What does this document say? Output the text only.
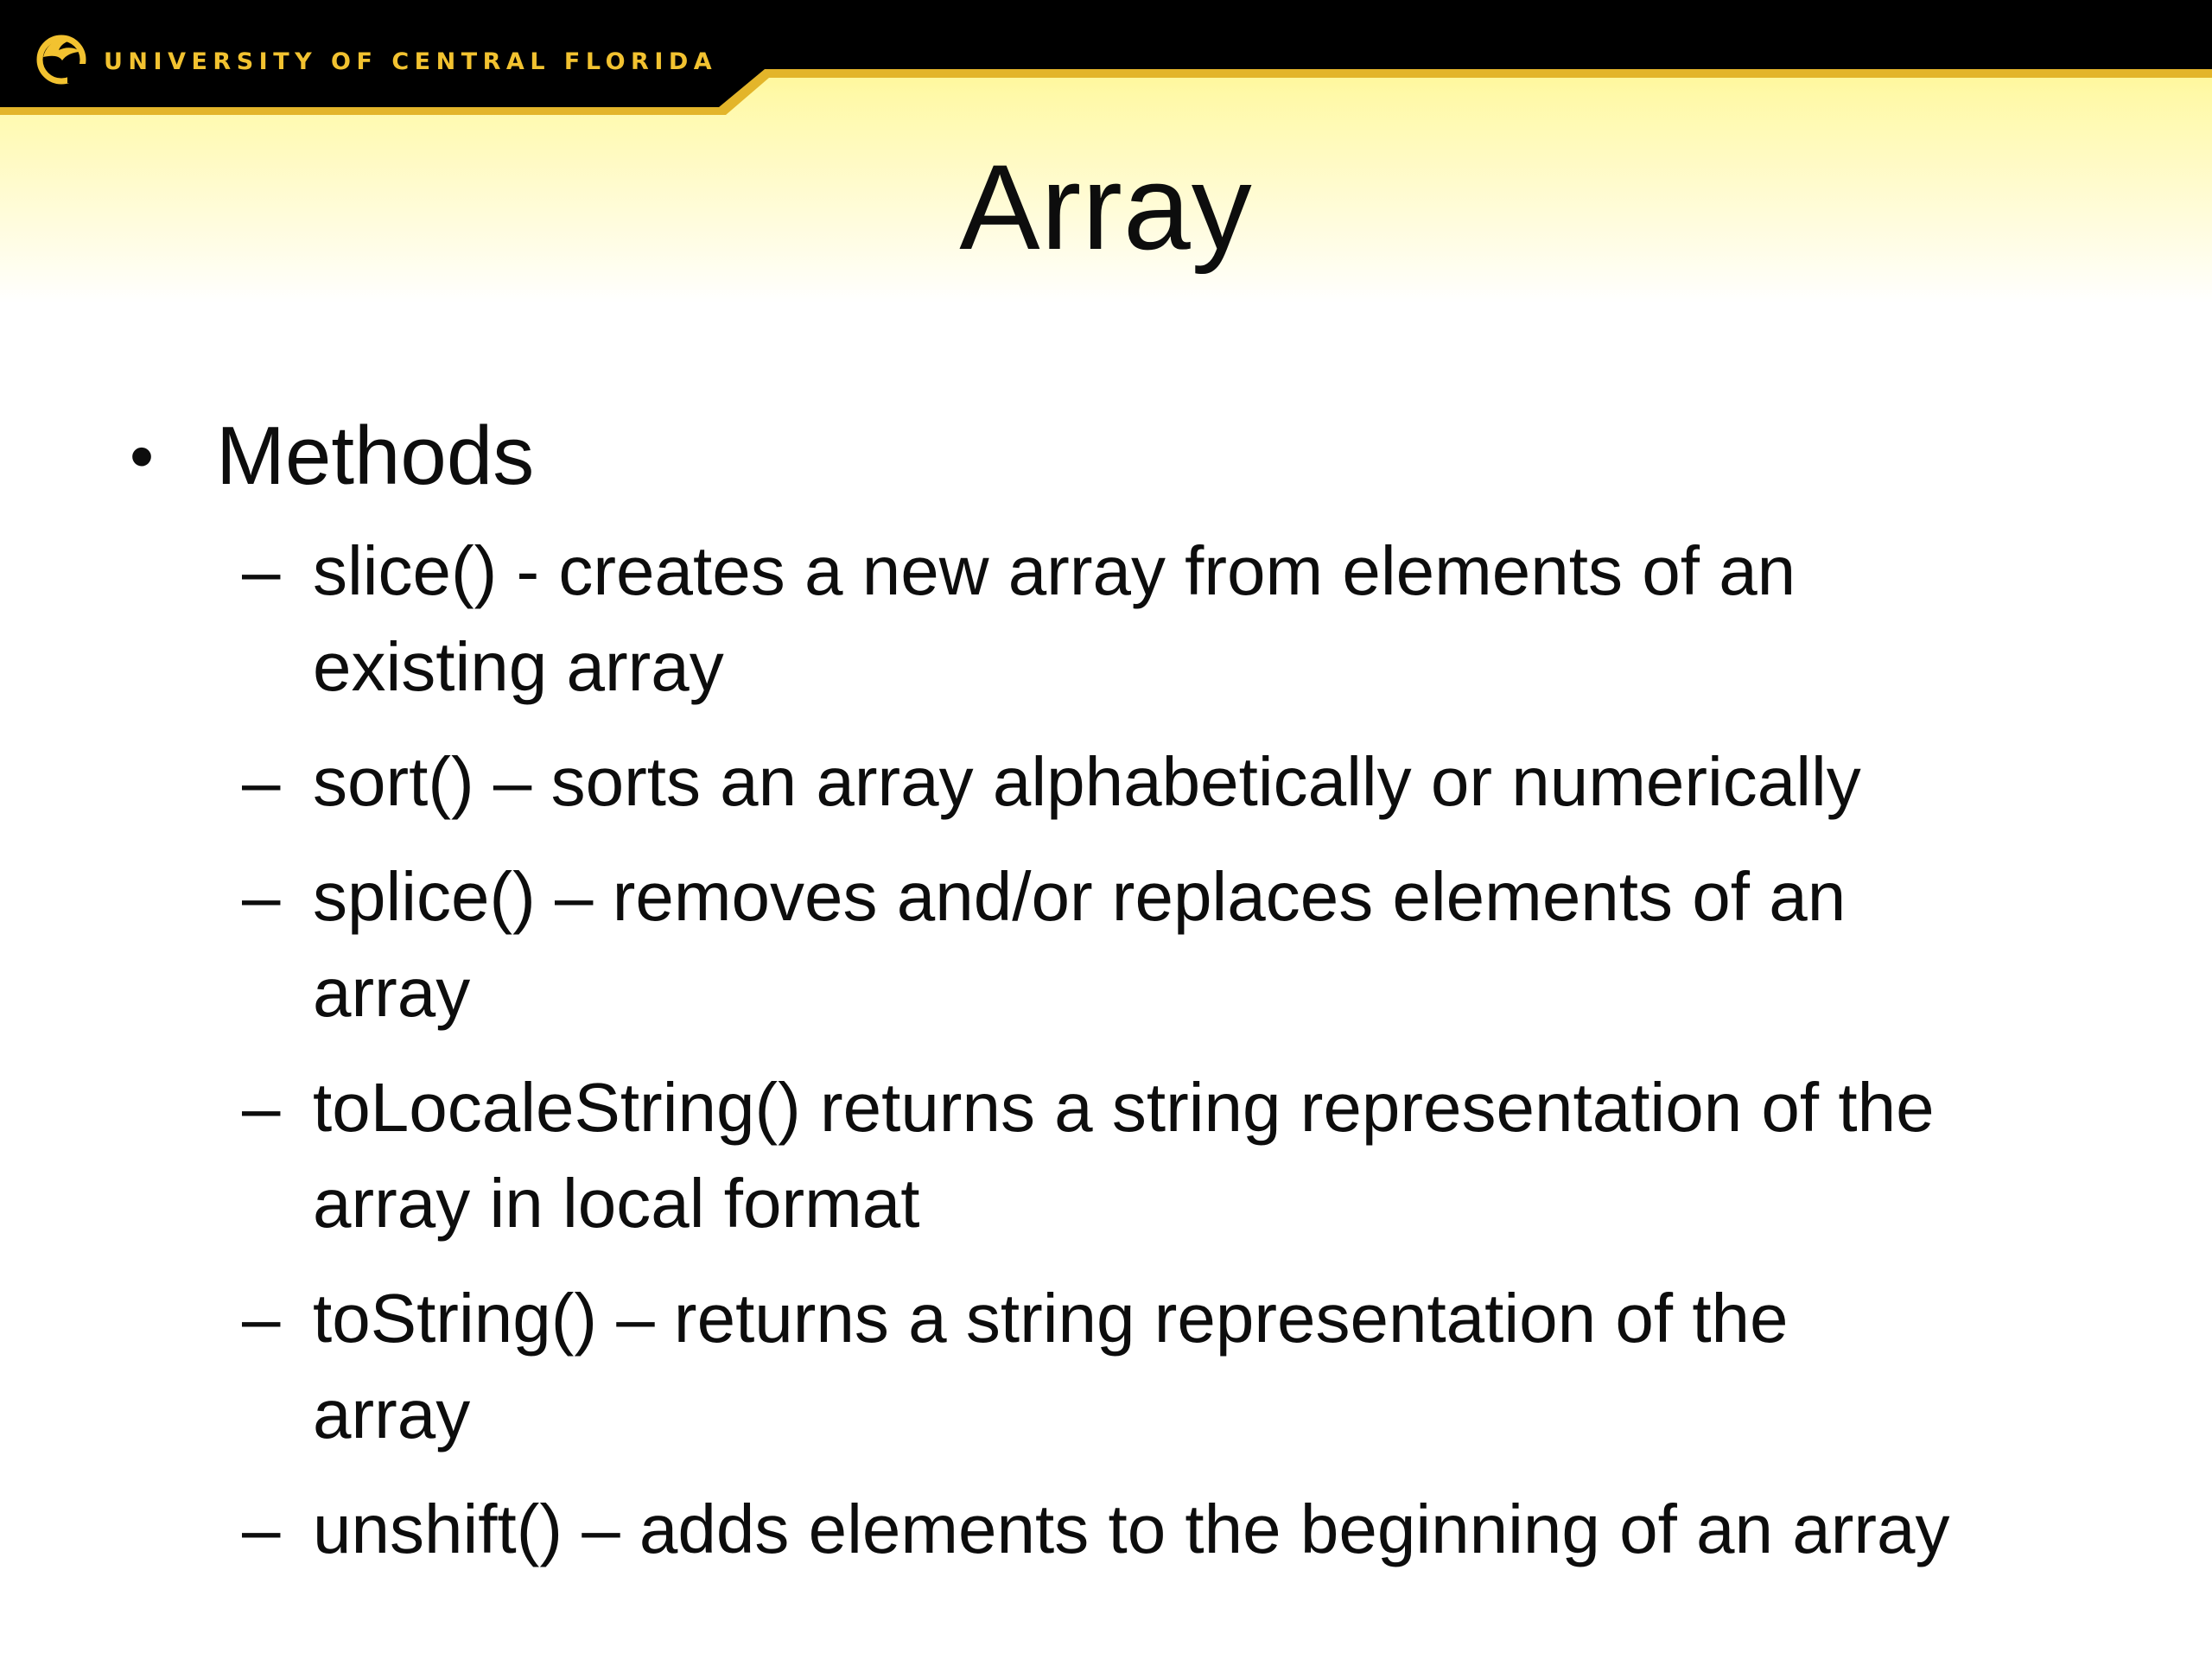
UNIVERSITY OF CENTRAL FLORIDA
Array
• Methods
– slice() - creates a new array from elements of an
existing array
– sort() – sorts an array alphabetically or numerically
– splice() – removes and/or replaces elements of an
array
– toLocaleString() returns a string representation of the
array in local format
– toString() – returns a string representation of the
array
– unshift() – adds elements to the beginning of an array
